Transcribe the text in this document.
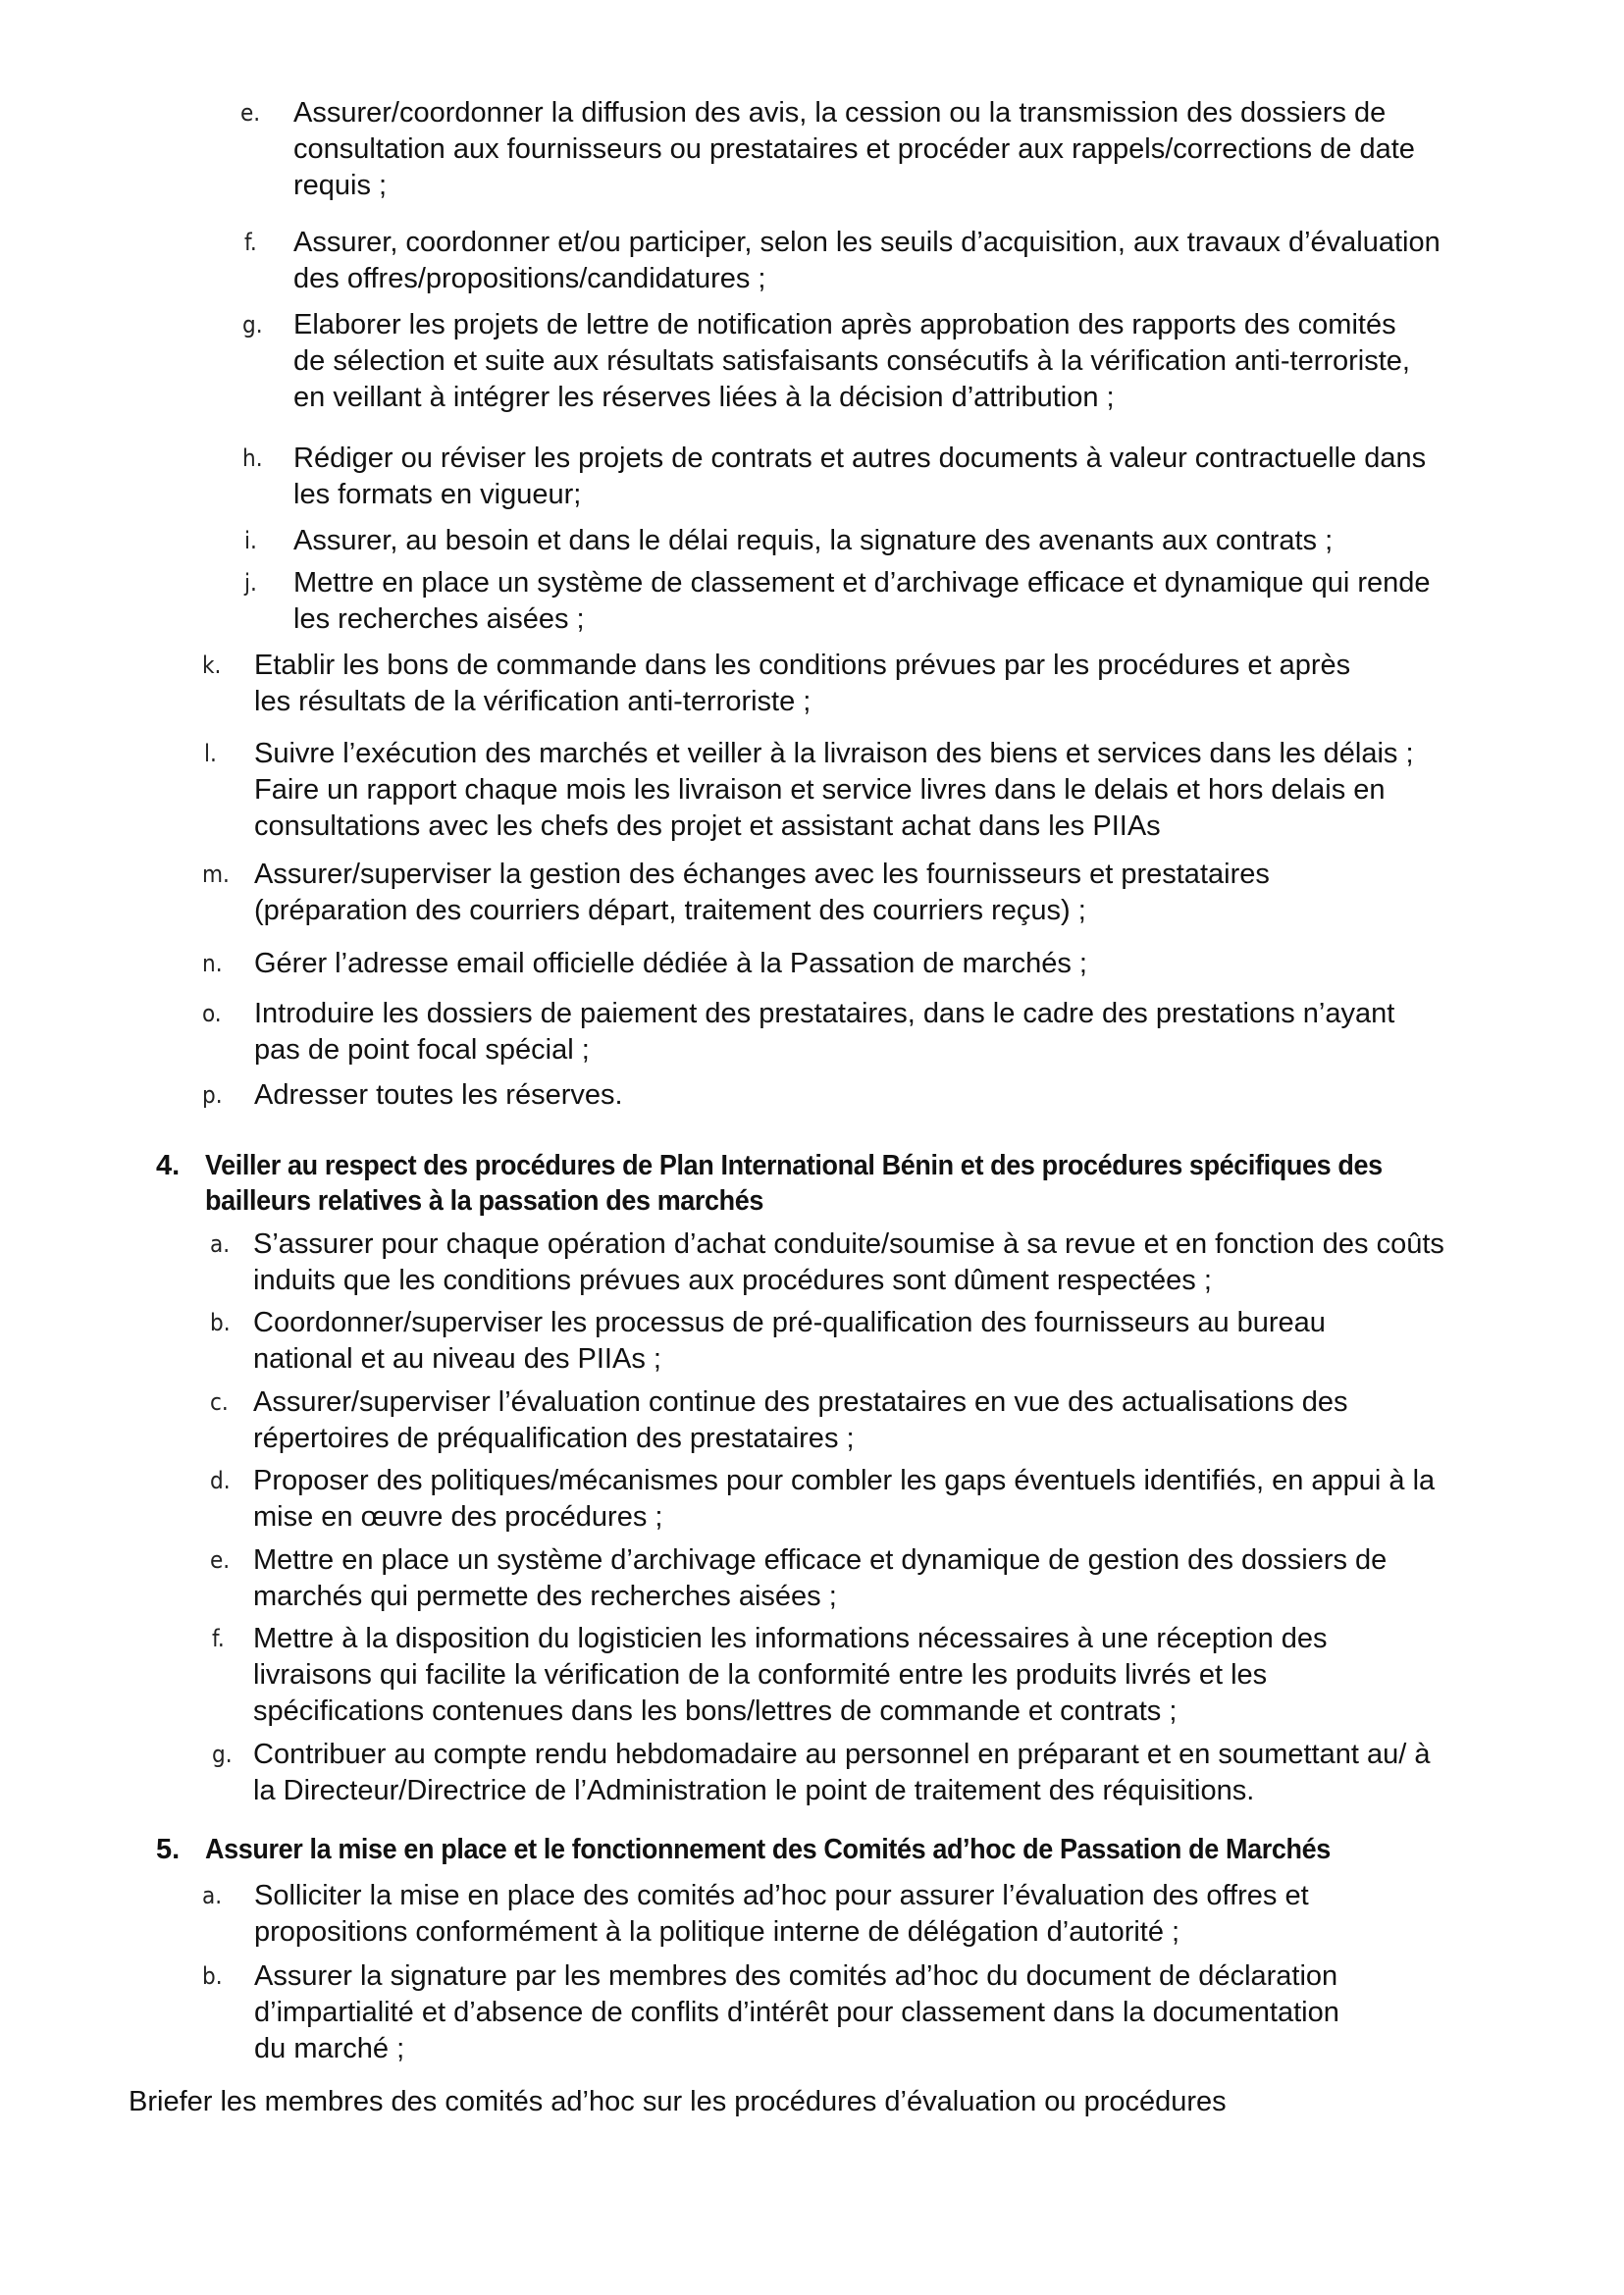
e. Assurer/coordonner la diffusion des avis, la cession ou la transmission des dossiers de
consultation aux fournisseurs ou prestataires et procéder aux rappels/corrections de date
requis ;
f. Assurer, coordonner et/ou participer, selon les seuils d’acquisition, aux travaux d’évaluation
des offres/propositions/candidatures ;
g. Elaborer les projets de lettre de notification après approbation des rapports des comités
de sélection et suite aux résultats satisfaisants consécutifs à la vérification anti-terroriste,
en veillant à intégrer les réserves liées à la décision d’attribution ;
h. Rédiger ou réviser les projets de contrats et autres documents à valeur contractuelle dans
les formats en vigueur;
i. Assurer, au besoin et dans le délai requis, la signature des avenants aux contrats ;
j. Mettre en place un système de classement et d’archivage efficace et dynamique qui rende
les recherches aisées ;
k. Etablir les bons de commande dans les conditions prévues par les procédures et après
les résultats de la vérification anti-terroriste ;
l. Suivre l’exécution des marchés et veiller à la livraison des biens et services dans les délais ;
Faire un rapport chaque mois les livraison et service livres dans le delais et hors delais en
consultations avec les chefs des projet et assistant achat dans les PIIAs
m. Assurer/superviser la gestion des échanges avec les fournisseurs et prestataires
(préparation des courriers départ, traitement des courriers reçus) ;
n. Gérer l’adresse email officielle dédiée à la Passation de marchés ;
o. Introduire les dossiers de paiement des prestataires, dans le cadre des prestations n’ayant
pas de point focal spécial ;
p. Adresser toutes les réserves.
4. Veiller au respect des procédures de Plan International Bénin et des procédures spécifiques des
bailleurs relatives à la passation des marchés
a. S’assurer pour chaque opération d’achat conduite/soumise à sa revue et en fonction des coûts
induits que les conditions prévues aux procédures sont dûment respectées ;
b. Coordonner/superviser les processus de pré-qualification des fournisseurs au bureau
national et au niveau des PIIAs ;
c. Assurer/superviser l’évaluation continue des prestataires en vue des actualisations des
répertoires de préqualification des prestataires ;
d. Proposer des politiques/mécanismes pour combler les gaps éventuels identifiés, en appui à la
mise en œuvre des procédures ;
e. Mettre en place un système d’archivage efficace et dynamique de gestion des dossiers de
marchés qui permette des recherches aisées ;
f. Mettre à la disposition du logisticien les informations nécessaires à une réception des
livraisons qui facilite la vérification de la conformité entre les produits livrés et les
spécifications contenues dans les bons/lettres de commande et contrats ;
g. Contribuer au compte rendu hebdomadaire au personnel en préparant et en soumettant au/ à
la Directeur/Directrice de l’Administration le point de traitement des réquisitions.
5. Assurer la mise en place et le fonctionnement des Comités ad’hoc de Passation de Marchés
a. Solliciter la mise en place des comités ad’hoc pour assurer l’évaluation des offres et
propositions conformément à la politique interne de délégation d’autorité ;
b. Assurer la signature par les membres des comités ad’hoc du document de déclaration
d’impartialité et d’absence de conflits d’intérêt pour classement dans la documentation
du marché ;
Briefer les membres des comités ad’hoc sur les procédures d’évaluation ou procédures
